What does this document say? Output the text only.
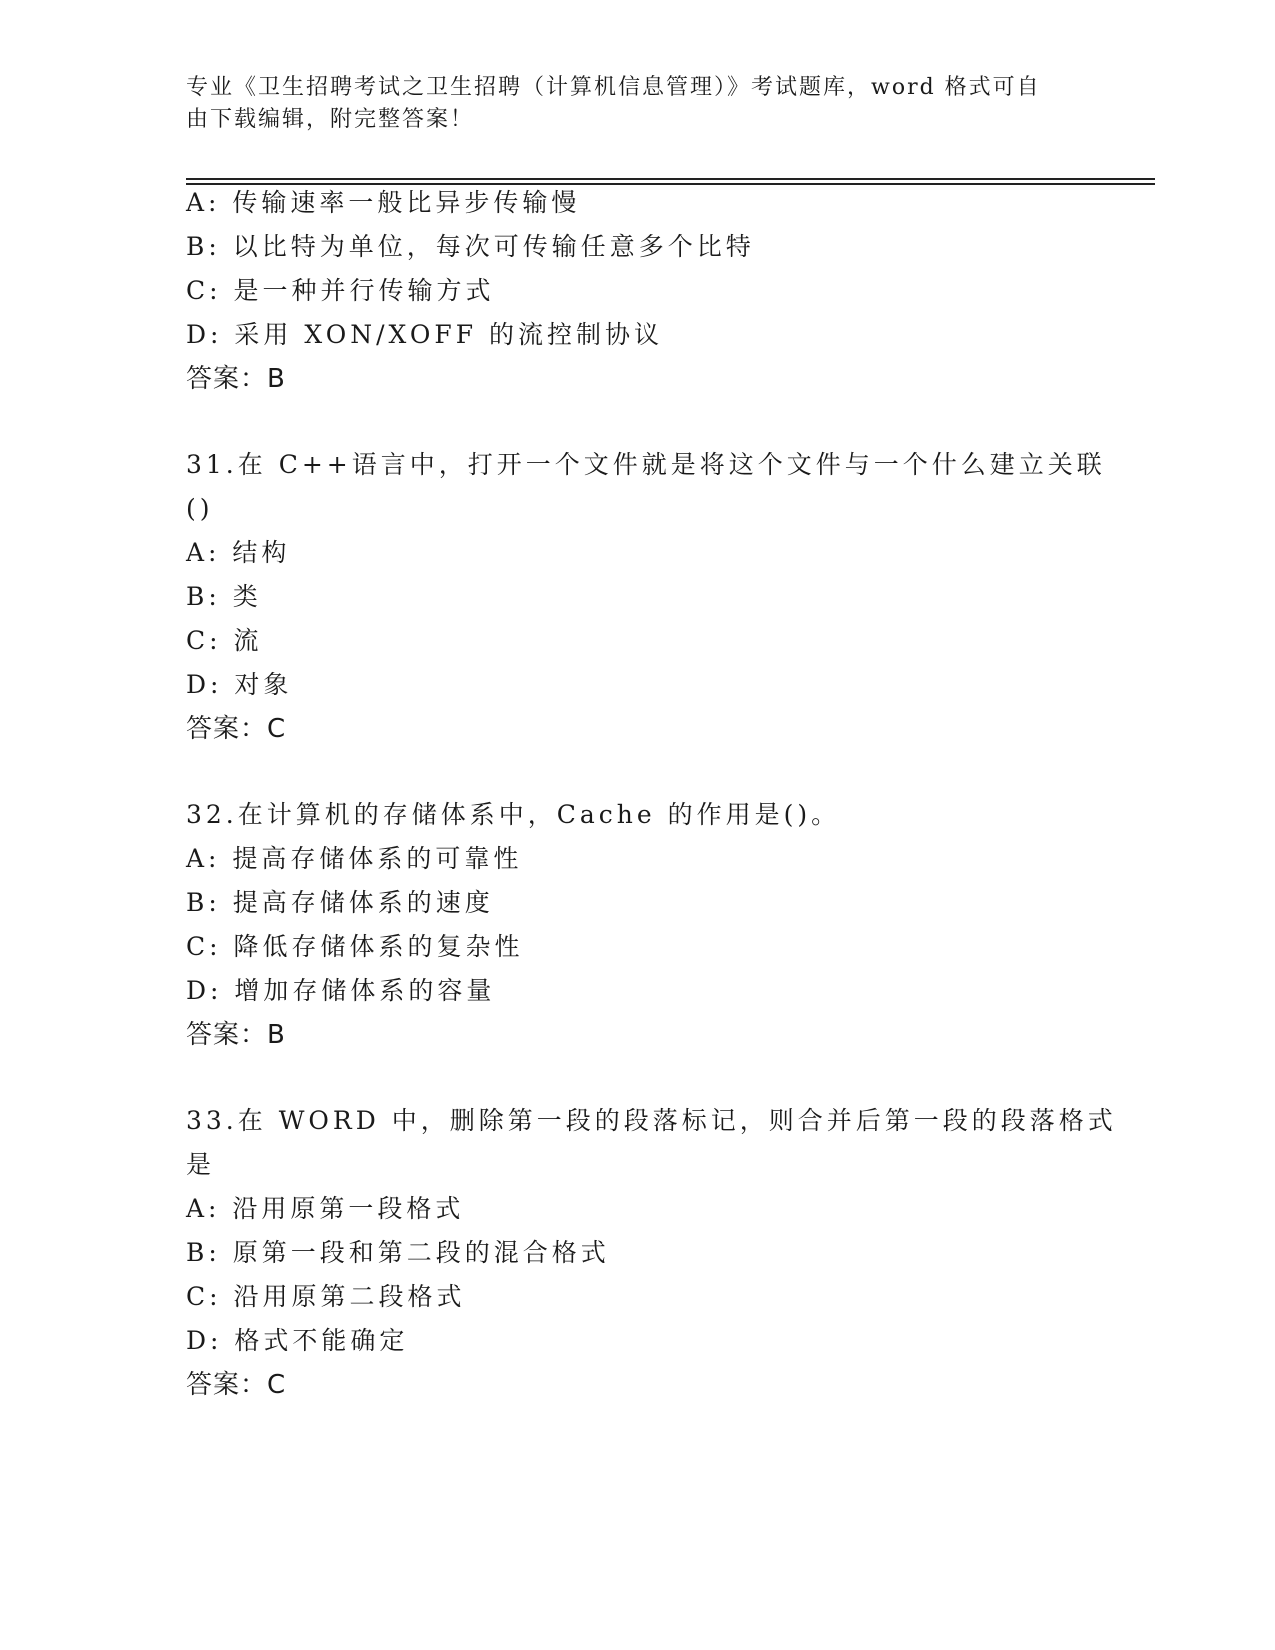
专业《卫生招聘考试之卫生招聘（计算机信息管理）》考试题库，word 格式可自
由下载编辑，附完整答案！
A: 传输速率一般比异步传输慢
B: 以比特为单位，每次可传输任意多个比特
C: 是一种并行传输方式
D: 采用 XON/XOFF 的流控制协议
答案：B
31.在 C++语言中，打开一个文件就是将这个文件与一个什么建立关联
()
A: 结构
B: 类
C: 流
D: 对象
答案：C
32.在计算机的存储体系中，Cache 的作用是()。
A: 提高存储体系的可靠性
B: 提高存储体系的速度
C: 降低存储体系的复杂性
D: 增加存储体系的容量
答案：B
33.在 WORD 中，删除第一段的段落标记，则合并后第一段的段落格式
是
A: 沿用原第一段格式
B: 原第一段和第二段的混合格式
C: 沿用原第二段格式
D: 格式不能确定
答案：C
